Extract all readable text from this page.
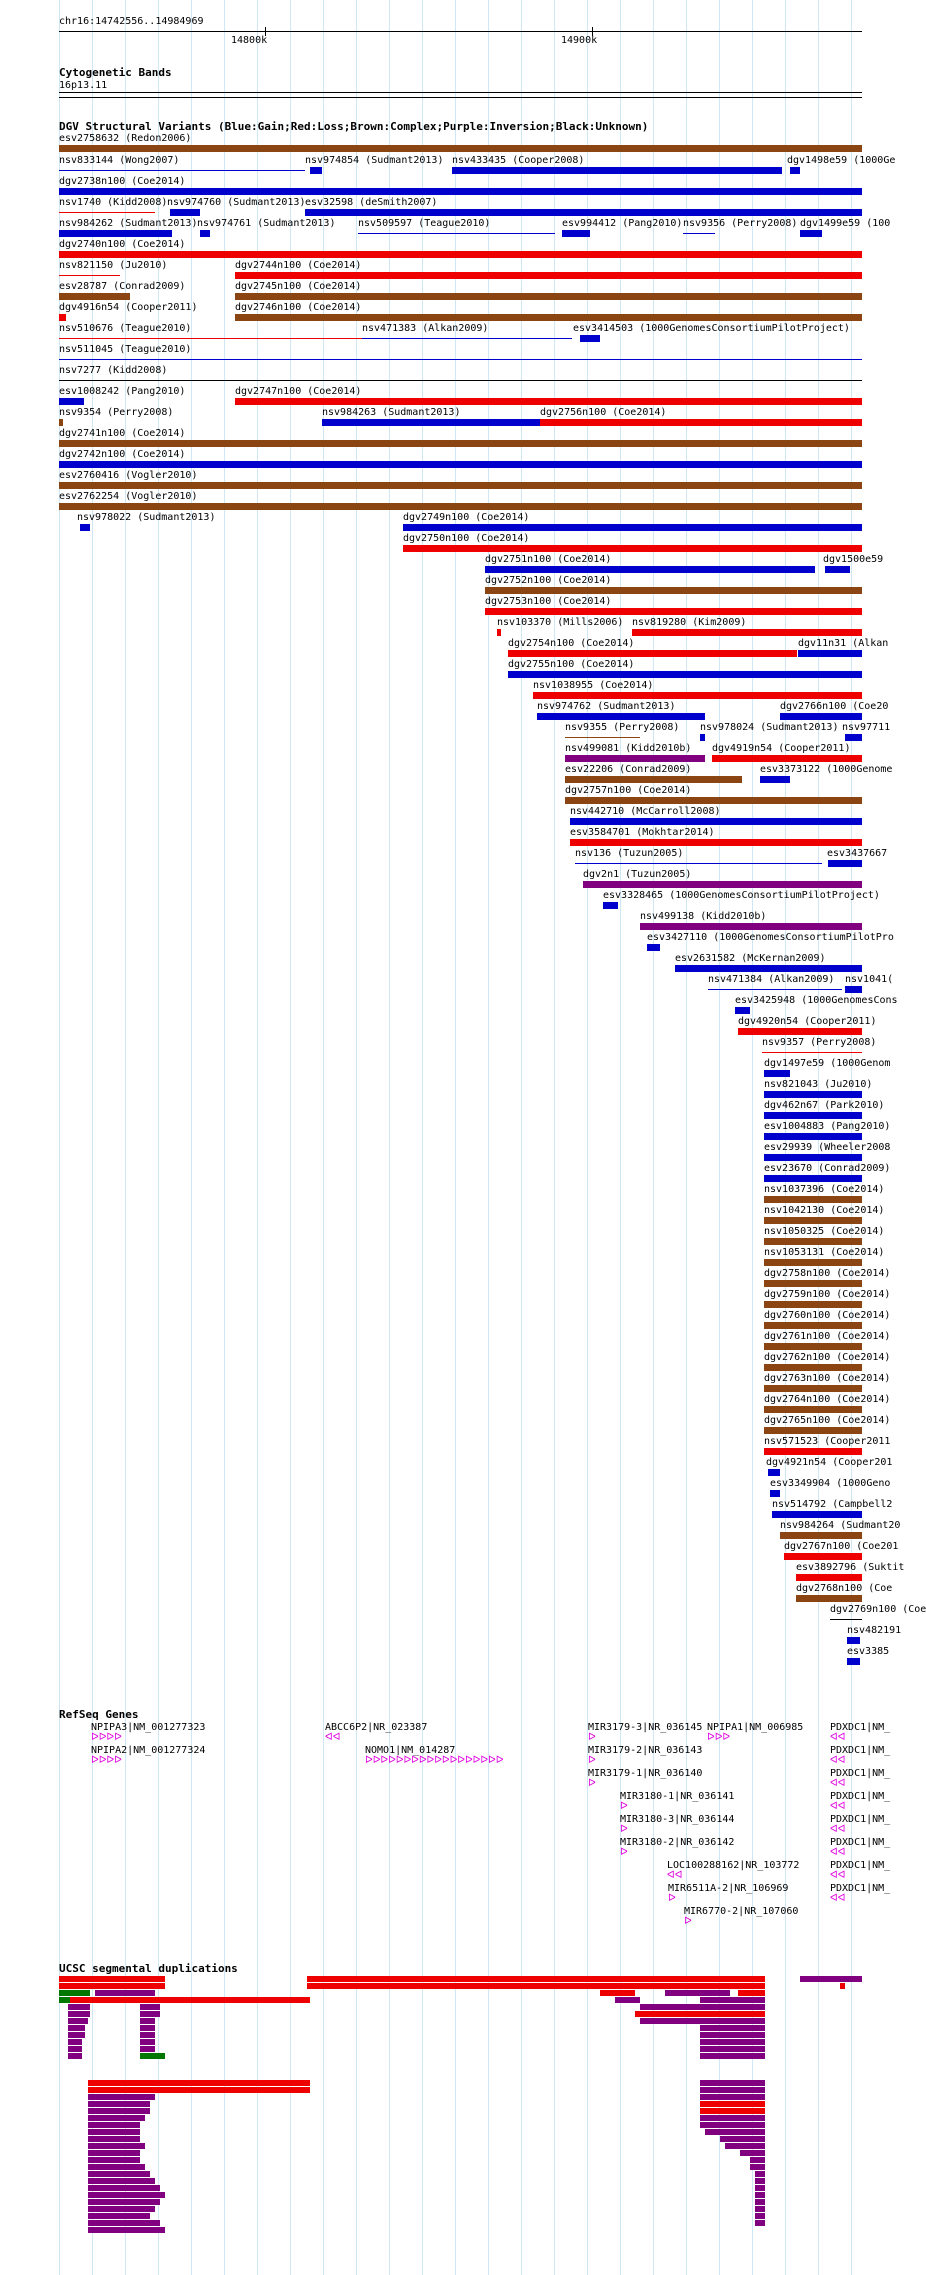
chr16:14742556..14984969
14800k	14900k
Cytogenetic Bands
16p13.11
DGV Structural Variants (Blue:Gain;Red:Loss;Brown:Complex;Purple:Inversion;Black:Unknown)
esv2758632 (Redon2006)
nsv833144 (Wong2007)	nsv974854 (Sudmant2013) nsv433435 (Cooper2008)	dgv1498e59 (1000Ge
dgv2738n100 (Coe2014)
nsv1740 (Kidd2008) nsv974760 (Sudmant2013) esv32598 (deSmith2007)
nsv984262 (Sudmant2013) nsv974761 (Sudmant2013) nsv509597 (Teague2010)	esv994412 (Pang2010) nsv9356 (Perry2008) dgv1499e59 (100
dgv2740n100 (Coe2014)
nsv821150 (Ju2010)	dgv2744n100 (Coe2014)
esv28787 (Conrad2009)	dgv2745n100 (Coe2014)
dgv4916n54 (Cooper2011)	dgv2746n100 (Coe2014)
nsv510676 (Teague2010)	nsv471383 (Alkan2009)	esv3414503 (1000GenomesConsortiumPilotProject)
nsv511045 (Teague2010)
nsv7277 (Kidd2008)
esv1008242 (Pang2010)	dgv2747n100 (Coe2014)
nsv9354 (Perry2008)	nsv984263 (Sudmant2013)	dgv2756n100 (Coe2014)
dgv2741n100 (Coe2014)
dgv2742n100 (Coe2014)
esv2760416 (Vogler2010)
esv2762254 (Vogler2010)
nsv978022 (Sudmant2013)	dgv2749n100 (Coe2014)
dgv2750n100 (Coe2014)
dgv2751n100 (Coe2014)	dgv1500e59
dgv2752n100 (Coe2014)
dgv2753n100 (Coe2014)
nsv103370 (Mills2006) nsv819280 (Kim2009)
dgv2754n100 (Coe2014)	dgv11n31 (Alkan
dgv2755n100 (Coe2014)
nsv1038955 (Coe2014)
nsv974762 (Sudmant2013)	dgv2766n100 (Coe20
nsv9355 (Perry2008) nsv978024 (Sudmant2013) nsv97711
nsv499081 (Kidd2010b) dgv4919n54 (Cooper2011)
esv22206 (Conrad2009)	esv3373122 (1000Genome
dgv2757n100 (Coe2014)
nsv442710 (McCarroll2008)
esv3584701 (Mokhtar2014)
nsv136 (Tuzun2005)	esv3437667
dgv2n1 (Tuzun2005)
esv3328465 (1000GenomesConsortiumPilotProject)
nsv499138 (Kidd2010b)
esv3427110 (1000GenomesConsortiumPilotPro
esv2631582 (McKernan2009)
nsv471384 (Alkan2009) nsv1041(
esv3425948 (1000GenomesCons
dgv4920n54 (Cooper2011)
nsv9357 (Perry2008)
dgv1497e59 (1000Genom
nsv821043 (Ju2010)
dgv462n67 (Park2010)
esv1004883 (Pang2010)
esv29939 (Wheeler2008
esv23670 (Conrad2009)
nsv1037396 (Coe2014)
nsv1042130 (Coe2014)
nsv1050325 (Coe2014)
nsv1053131 (Coe2014)
dgv2758n100 (Coe2014)
dgv2759n100 (Coe2014)
dgv2760n100 (Coe2014)
dgv2761n100 (Coe2014)
dgv2762n100 (Coe2014)
dgv2763n100 (Coe2014)
dgv2764n100 (Coe2014)
dgv2765n100 (Coe2014)
nsv571523 (Cooper2011
dgv4921n54 (Cooper201
esv3349904 (1000Geno
nsv514792 (Campbell2
nsv984264 (Sudmant20
dgv2767n100 (Coe201
esv3892796 (Suktit
dgv2768n100 (Coe
dgv2769n100 (Coe
nsv482191
esv3385
RefSeq Genes
NPIPA3|NM_001277323
ᐅᐅᐅᐅ
NPIPA2|NM_001277324
ᐅᐅᐅᐅ
ABCC6P2|NR_023387
ᐊᐊ
NOMO1|NM_014287
ᐅᐅᐅᐅᐅᐅᐅᐅᐅᐅᐅᐅᐅᐅᐅᐅᐅᐅ
MIR3179-3|NR_036145
ᐅ
MIR3179-2|NR_036143
ᐅ
MIR3179-1|NR_036140
ᐅ
MIR3180-1|NR_036141
ᐅ
MIR3180-3|NR_036144
ᐅ
MIR3180-2|NR_036142
ᐅ
LOC100288162|NR_103772
ᐊᐊ
MIR6511A-2|NR_106969
ᐅ
MIR6770-2|NR_107060
ᐅ
NPIPA1|NM_006985
ᐅᐅᐅ
PDXDC1|NM_
ᐊᐊ
PDXDC1|NM_
ᐊᐊ
PDXDC1|NM_
ᐊᐊ
PDXDC1|NM_
ᐊᐊ
PDXDC1|NM_
ᐊᐊ
PDXDC1|NM_
ᐊᐊ
PDXDC1|NM_
ᐊᐊ
PDXDC1|NM_
ᐊᐊ
UCSC segmental duplications
